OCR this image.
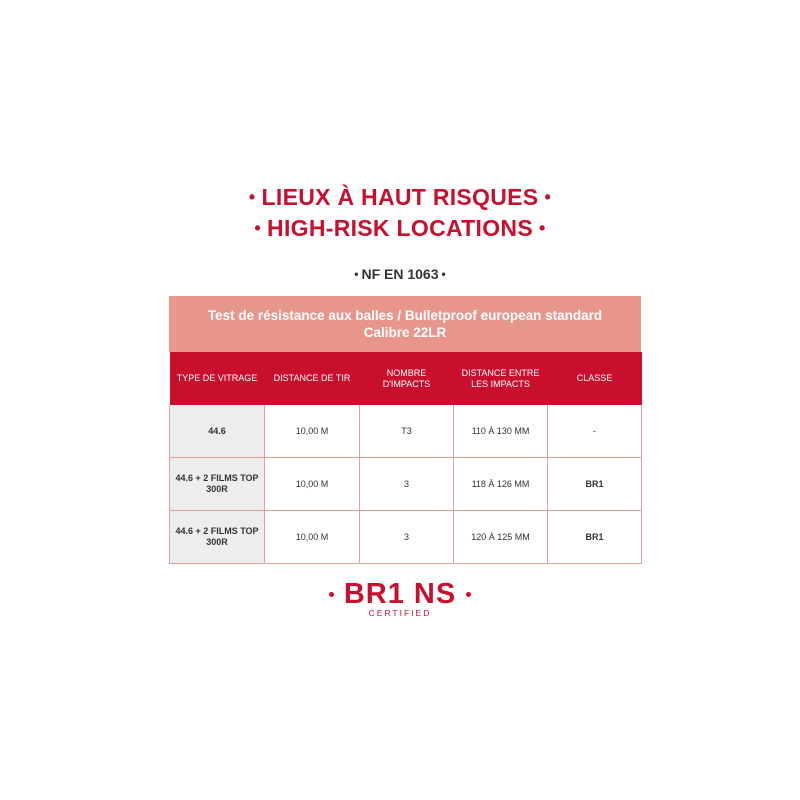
• LIEUX À HAUT RISQUES •
• HIGH-RISK LOCATIONS •
• NF EN 1063 •
Test de résistance aux balles / Bulletproof european standard
Calibre 22LR
TYPE DE VITRAGE	DISTANCE DE TIR	NOMBRE D'IMPACTS	DISTANCE ENTRE LES IMPACTS	CLASSE
44.6	10,00 M	T3	110 À 130 MM	-
44.6 + 2 FILMS TOP 300R	10,00 M	3	118 À 126 MM	BR1
44.6 + 2 FILMS TOP 300R	10,00 M	3	120 À 125 MM	BR1
BR1 NS
CERTIFIED
